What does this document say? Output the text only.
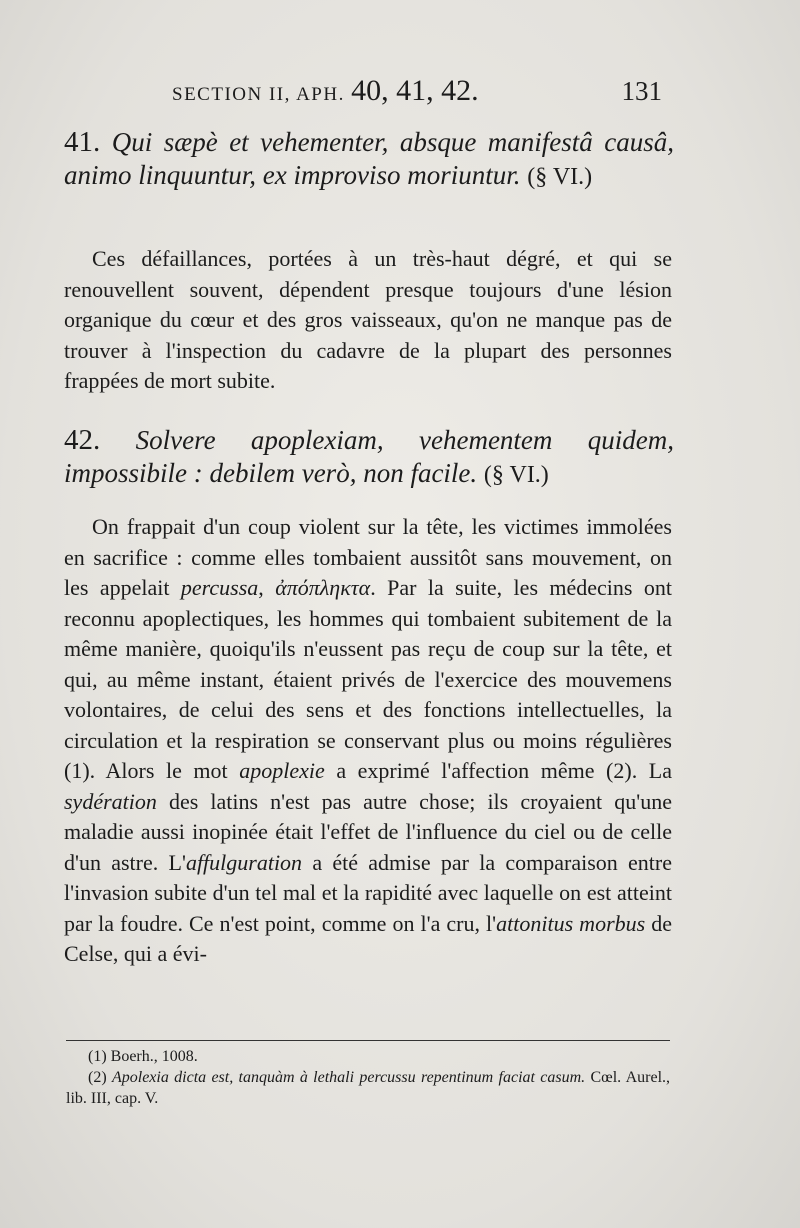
SECTION II, APH. 40, 41, 42.	131
41. Qui sæpè et vehementer, absque manifestâ causâ, animo linquuntur, ex improviso moriuntur. (§ VI.)
Ces défaillances, portées à un très-haut dégré, et qui se renouvellent souvent, dépendent presque toujours d'une lésion organique du cœur et des gros vaisseaux, qu'on ne manque pas de trouver à l'inspection du cadavre de la plupart des personnes frappées de mort subite.
42. Solvere apoplexiam, vehementem quidem, impossibile : debilem verò, non facile. (§ VI.)
On frappait d'un coup violent sur la tête, les victimes immolées en sacrifice : comme elles tombaient aussitôt sans mouvement, on les appelait percussa, ἀπόπληκτα. Par la suite, les médecins ont reconnu apoplectiques, les hommes qui tombaient subitement de la même manière, quoiqu'ils n'eussent pas reçu de coup sur la tête, et qui, au même instant, étaient privés de l'exercice des mouvemens volontaires, de celui des sens et des fonctions intellectuelles, la circulation et la respiration se conservant plus ou moins régulières (1). Alors le mot apoplexie a exprimé l'affection même (2). La sydération des latins n'est pas autre chose; ils croyaient qu'une maladie aussi inopinée était l'effet de l'influence du ciel ou de celle d'un astre. L'affulguration a été admise par la comparaison entre l'invasion subite d'un tel mal et la rapidité avec laquelle on est atteint par la foudre. Ce n'est point, comme on l'a cru, l'attonitus morbus de Celse, qui a évi-

(1) Boerh., 1008.

(2) Apolexia dicta est, tanquàm à lethali percussu repentinum faciat casum. Cœl. Aurel., lib. III, cap. V.
